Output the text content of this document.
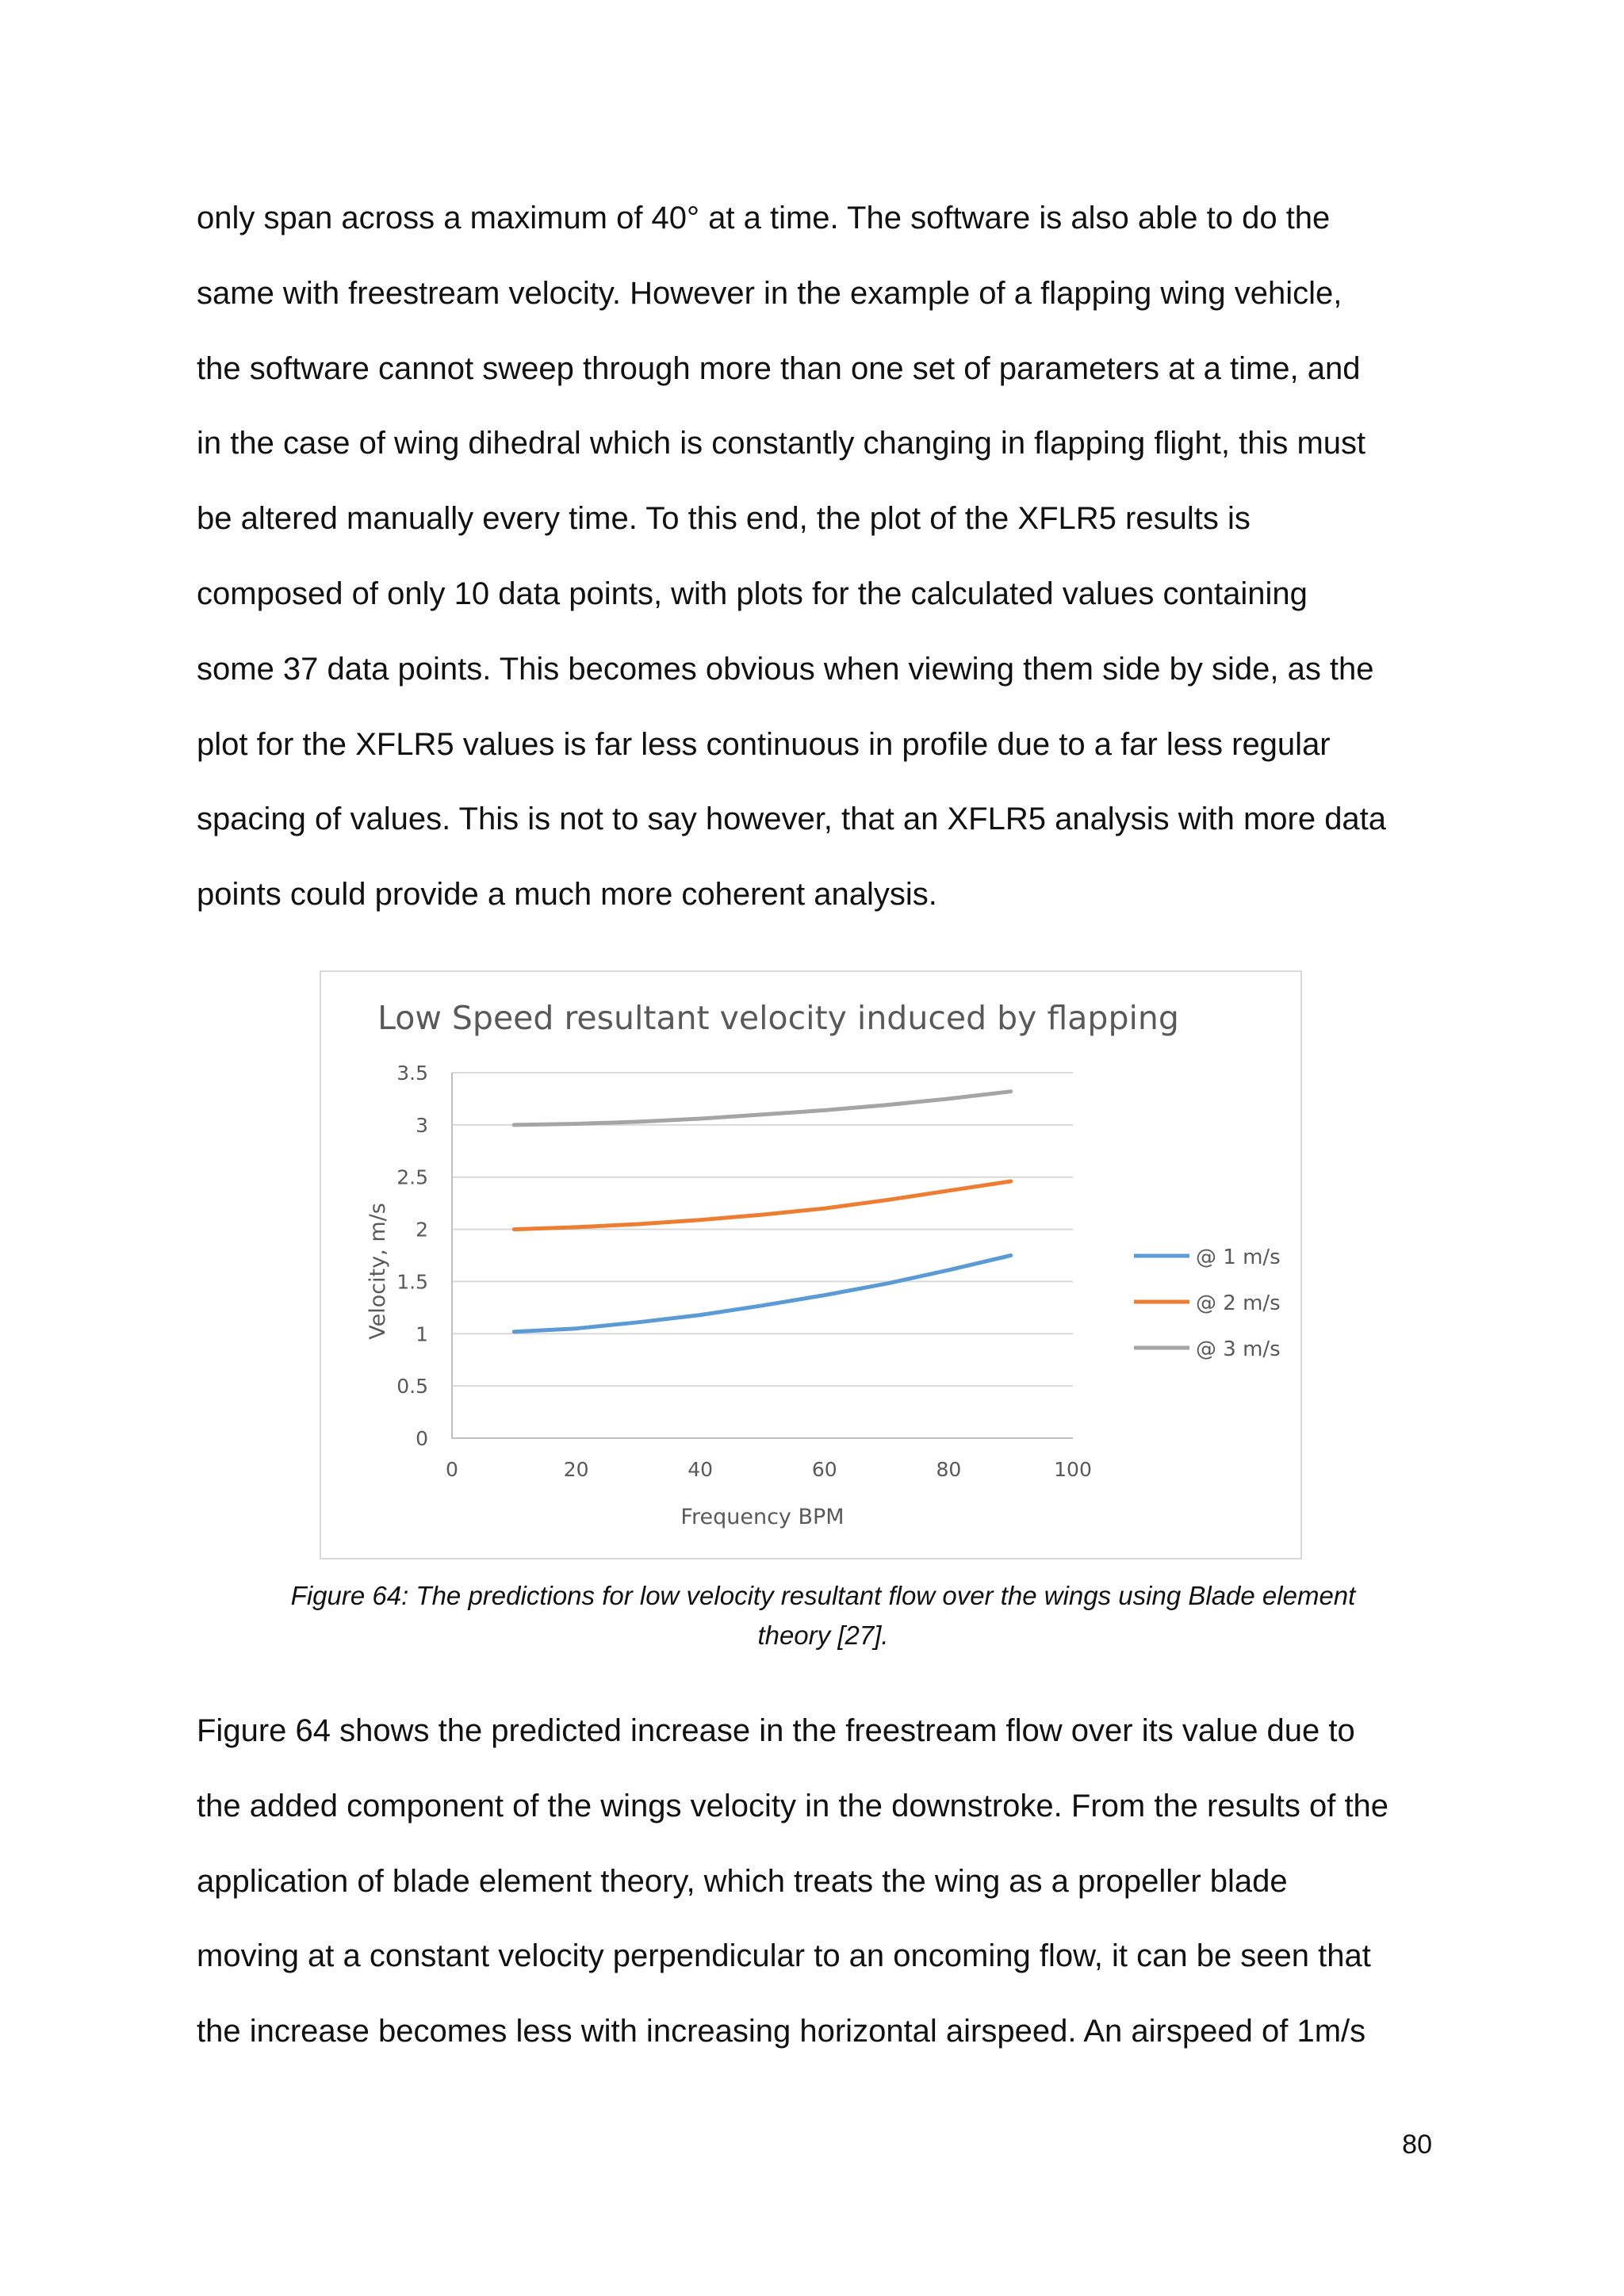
only span across a maximum of 40° at a time. The software is also able to do the
same with freestream velocity. However in the example of a flapping wing vehicle,
the software cannot sweep through more than one set of parameters at a time, and
in the case of wing dihedral which is constantly changing in flapping flight, this must
be altered manually every time. To this end, the plot of the XFLR5 results is
composed of only 10 data points, with plots for the calculated values containing
some 37 data points. This becomes obvious when viewing them side by side, as the
plot for the XFLR5 values is far less continuous in profile due to a far less regular
spacing of values. This is not to say however, that an XFLR5 analysis with more data
points could provide a much more coherent analysis.
0
0.5
1
1.5
2
2.5
3
3.5
0	20	40	60	80	100
Low Speed resultant velocity induced by flapping
Frequency BPM
Velocity, m/s	@ 1 m/s
@ 2 m/s
@ 3 m/s
Figure 64: The predictions for low velocity resultant flow over the wings using Blade element
theory [27].
Figure 64 shows the predicted increase in the freestream flow over its value due to
the added component of the wings velocity in the downstroke. From the results of the
application of blade element theory, which treats the wing as a propeller blade
moving at a constant velocity perpendicular to an oncoming flow, it can be seen that
the increase becomes less with increasing horizontal airspeed. An airspeed of 1m/s
80
